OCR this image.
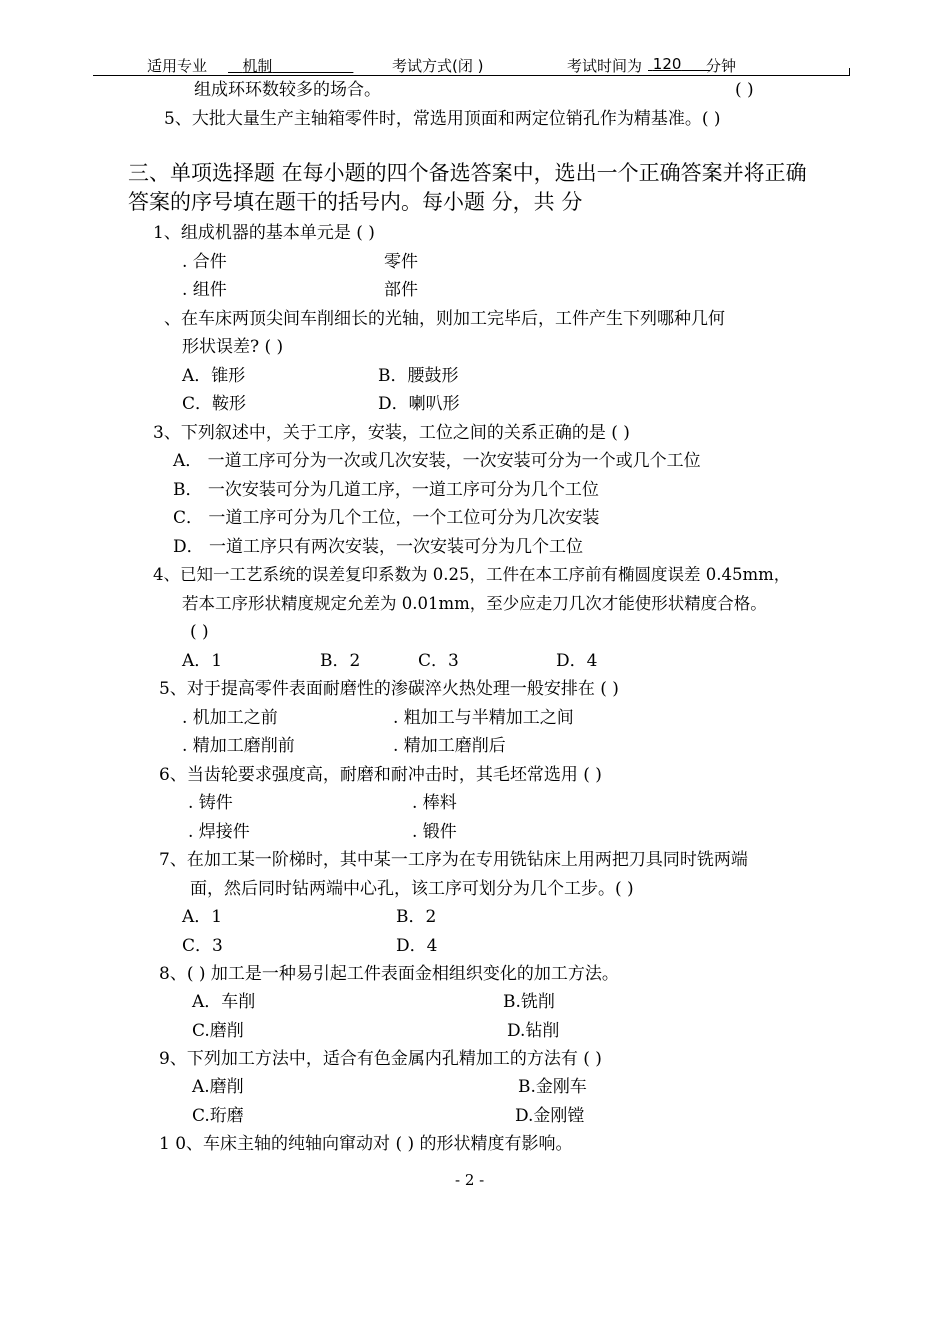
适用专业	机制	考试方式(闭 )	考试时间为 120	分钟
组成环环数较多的场合。	( )
5、大批大量生产主轴箱零件时，常选用顶面和两定位销孔作为精基准。( )
三、单项选择题 在每小题的四个备选答案中，选出一个正确答案并将正确
答案的序号填在题干的括号内。每小题 分，共 分
1、组成机器的基本单元是 ( )
. 合件	零件
. 组件	部件
、在车床两顶尖间车削细长的光轴，则加工完毕后，工件产生下列哪种几何
形状误差? ( )
A．锥形	B．腰鼓形
C．鞍形	D．喇叭形
3、下列叙述中，关于工序，安装，工位之间的关系正确的是 ( )
A． 一道工序可分为一次或几次安装，一次安装可分为一个或几个工位
B． 一次安装可分为几道工序，一道工序可分为几个工位
C． 一道工序可分为几个工位，一个工位可分为几次安装
D． 一道工序只有两次安装，一次安装可分为几个工位
4、已知一工艺系统的误差复印系数为 0.25，工件在本工序前有椭圆度误差 0.45mm，
若本工序形状精度规定允差为 0.01mm，至少应走刀几次才能使形状精度合格。
( )
A．1	B．2	C．3	D．4
5、对于提高零件表面耐磨性的渗碳淬火热处理一般安排在 ( )
. 机加工之前	. 粗加工与半精加工之间
. 精加工磨削前	. 精加工磨削后
6、当齿轮要求强度高，耐磨和耐冲击时，其毛坯常选用 ( )
. 铸件	. 棒料
. 焊接件	. 锻件
7、在加工某一阶梯时，其中某一工序为在专用铣钻床上用两把刀具同时铣两端
面，然后同时钻两端中心孔，该工序可划分为几个工步。( )
A．1	B．2
C．3	D．4
8、( ) 加工是一种易引起工件表面金相组织变化的加工方法。
A．车削	B.铣削
C.磨削	D.钻削
9、下列加工方法中，适合有色金属内孔精加工的方法有 ( )
A.磨削	B.金刚车
C.珩磨	D.金刚镗
1 0、车床主轴的纯轴向窜动对 ( ) 的形状精度有影响。
- 2 -
